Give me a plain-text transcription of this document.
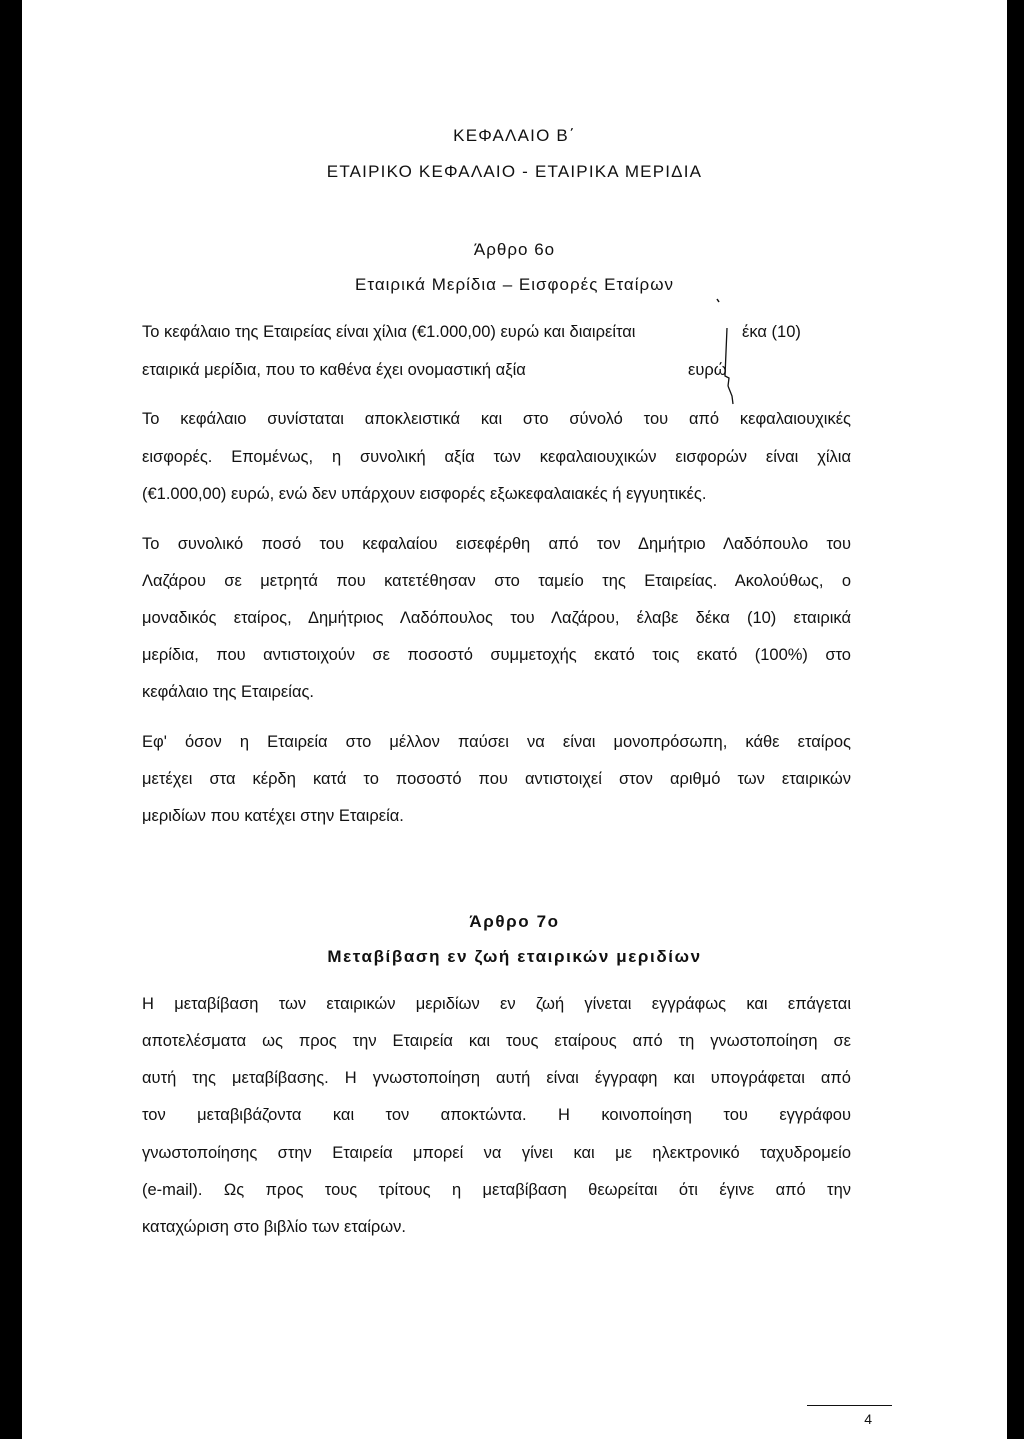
ΚΕΦΑΛΑΙΟ Β΄
ΕΤΑΙΡΙΚΟ ΚΕΦΑΛΑΙΟ - ΕΤΑΙΡΙΚΑ ΜΕΡΙΔΙΑ
Άρθρο 6ο
Εταιρικά Μερίδια – Εισφορές Εταίρων

Το κεφάλαιο της Εταιρείας είναι χίλια (€1.000,00) ευρώ και διαιρείται	έκα (10)

εταιρικά μερίδια, που το καθένα έχει ονομαστική αξία	ευρώ

Το κεφάλαιο συνίσταται αποκλειστικά και στο σύνολό του από κεφαλαιουχικές

εισφορές. Επομένως, η συνολική αξία των κεφαλαιουχικών εισφορών είναι χίλια

(€1.000,00) ευρώ, ενώ δεν υπάρχουν εισφορές εξωκεφαλαιακές ή εγγυητικές.

Το συνολικό ποσό του κεφαλαίου εισεφέρθη από τον Δημήτριο Λαδόπουλο του

Λαζάρου σε μετρητά που κατετέθησαν στο ταμείο της Εταιρείας. Ακολούθως, ο

μοναδικός εταίρος, Δημήτριος Λαδόπουλος του Λαζάρου, έλαβε δέκα (10) εταιρικά

μερίδια, που αντιστοιχούν σε ποσοστό συμμετοχής εκατό τοις εκατό (100%) στο

κεφάλαιο της Εταιρείας.

Εφ' όσον η Εταιρεία στο μέλλον παύσει να είναι μονοπρόσωπη, κάθε εταίρος

μετέχει στα κέρδη κατά το ποσοστό που αντιστοιχεί στον αριθμό των εταιρικών

μεριδίων που κατέχει στην Εταιρεία.

Άρθρο 7ο
Μεταβίβαση εν ζωή εταιρικών μεριδίων

Η μεταβίβαση των εταιρικών μεριδίων εν ζωή γίνεται εγγράφως και επάγεται

αποτελέσματα ως προς την Εταιρεία και τους εταίρους από τη γνωστοποίηση σε

αυτή της μεταβίβασης. Η γνωστοποίηση αυτή είναι έγγραφη και υπογράφεται από

τον μεταβιβάζοντα και τον αποκτώντα. Η κοινοποίηση του εγγράφου

γνωστοποίησης στην Εταιρεία μπορεί να γίνει και με ηλεκτρονικό ταχυδρομείο

(e-mail). Ως προς τους τρίτους η μεταβίβαση θεωρείται ότι έγινε από την

καταχώριση στο βιβλίο των εταίρων.

4
